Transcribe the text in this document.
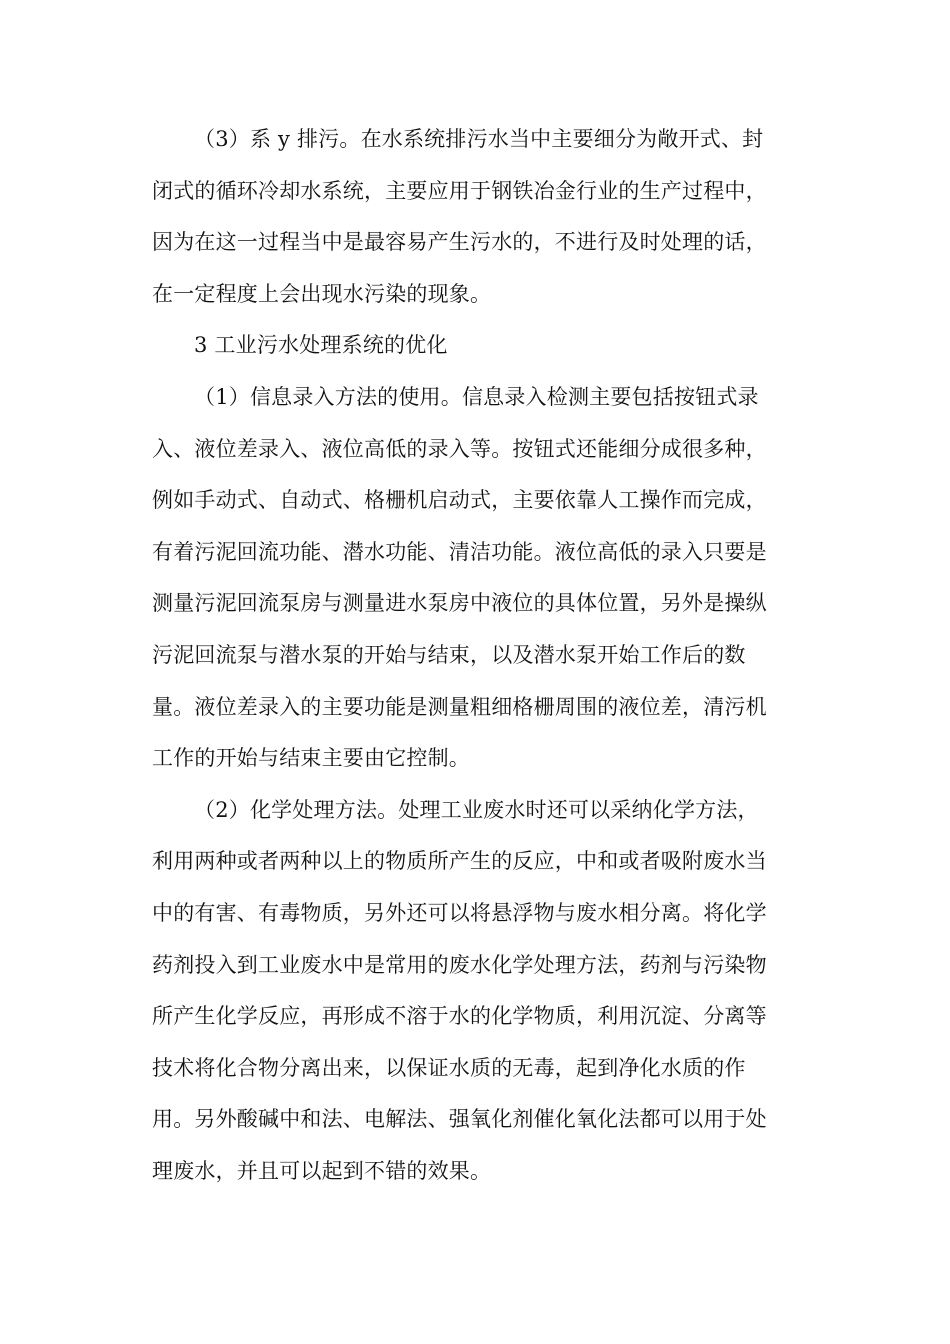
（3）系 y 排污。在水系统排污水当中主要细分为敞开式、封
闭式的循环冷却水系统，主要应用于钢铁冶金行业的生产过程中，
因为在这一过程当中是最容易产生污水的，不进行及时处理的话，
在一定程度上会出现水污染的现象。
3 工业污水处理系统的优化
（1）信息录入方法的使用。信息录入检测主要包括按钮式录
入、液位差录入、液位高低的录入等。按钮式还能细分成很多种，
例如手动式、自动式、格栅机启动式，主要依靠人工操作而完成，
有着污泥回流功能、潜水功能、清洁功能。液位高低的录入只要是
测量污泥回流泵房与测量进水泵房中液位的具体位置，另外是操纵
污泥回流泵与潜水泵的开始与结束，以及潜水泵开始工作后的数
量。液位差录入的主要功能是测量粗细格栅周围的液位差，清污机
工作的开始与结束主要由它控制。
（2）化学处理方法。处理工业废水时还可以采纳化学方法，
利用两种或者两种以上的物质所产生的反应，中和或者吸附废水当
中的有害、有毒物质，另外还可以将悬浮物与废水相分离。将化学
药剂投入到工业废水中是常用的废水化学处理方法，药剂与污染物
所产生化学反应，再形成不溶于水的化学物质，利用沉淀、分离等
技术将化合物分离出来，以保证水质的无毒，起到净化水质的作
用。另外酸碱中和法、电解法、强氧化剂催化氧化法都可以用于处
理废水，并且可以起到不错的效果。
